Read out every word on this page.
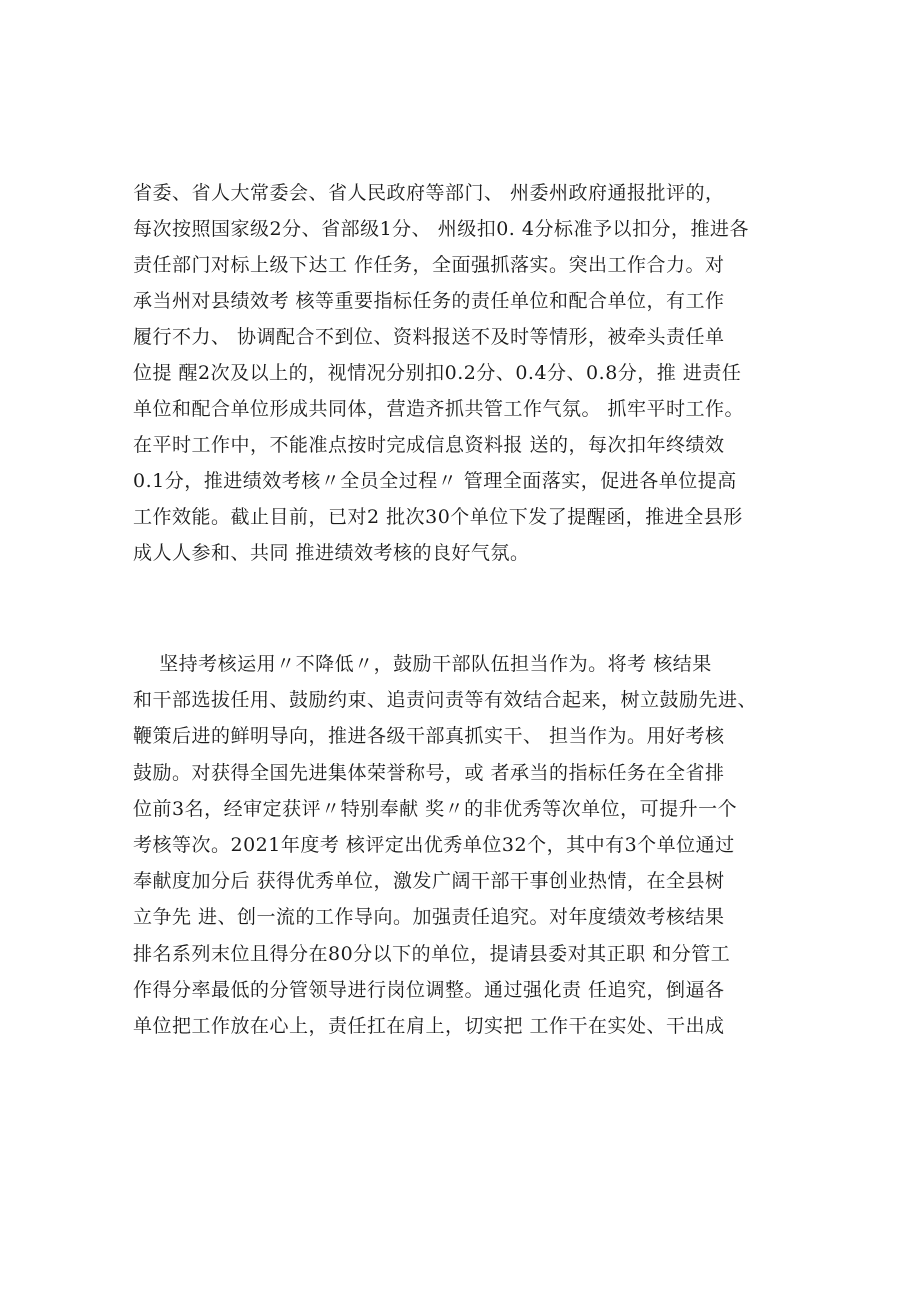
省委、省人大常委会、省人民政府等部门、 州委州政府通报批评的，
每次按照国家级2分、省部级1分、 州级扣0. 4分标准予以扣分，推进各
责任部门对标上级下达工 作任务，全面强抓落实。突出工作合力。对
承当州对县绩效考 核等重要指标任务的责任单位和配合单位，有工作
履行不力、 协调配合不到位、资料报送不及时等情形，被牵头责任单
位提 醒2次及以上的，视情况分别扣0.2分、0.4分、0.8分，推 进责任
单位和配合单位形成共同体，营造齐抓共管工作气氛。 抓牢平时工作。
在平时工作中，不能准点按时完成信息资料报 送的，每次扣年终绩效
0.1分，推进绩效考核〃全员全过程〃 管理全面落实，促进各单位提高
工作效能。截止目前，已对2 批次30个单位下发了提醒函，推进全县形
成人人参和、共同 推进绩效考核的良好气氛。
坚持考核运用〃不降低〃，鼓励干部队伍担当作为。将考 核结果
和干部选拔任用、鼓励约束、追责问责等有效结合起来，树立鼓励先进、
鞭策后进的鲜明导向，推进各级干部真抓实干、 担当作为。用好考核
鼓励。对获得全国先进集体荣誉称号，或 者承当的指标任务在全省排
位前3名，经审定获评〃特别奉献 奖〃的非优秀等次单位，可提升一个
考核等次。2021年度考 核评定出优秀单位32个，其中有3个单位通过
奉献度加分后 获得优秀单位，激发广阔干部干事创业热情，在全县树
立争先 进、创一流的工作导向。加强责任追究。对年度绩效考核结果
排名系列末位且得分在80分以下的单位，提请县委对其正职 和分管工
作得分率最低的分管领导进行岗位调整。通过强化责 任追究，倒逼各
单位把工作放在心上，责任扛在肩上，切实把 工作干在实处、干出成
